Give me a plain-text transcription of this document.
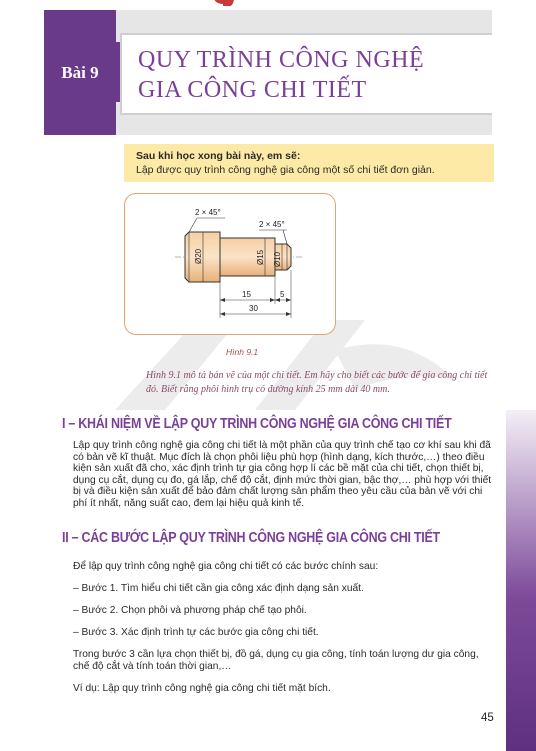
Bài 9 QUY TRÌNH CÔNG NGHỆ
GIA CÔNG CHI TIẾT
Sau khi học xong bài này, em sẽ:
Lập được quy trình công nghệ gia công một số chi tiết đơn giản.
2 × 45°
2 × 45°
Ø20	Ø15 Ø10
15	5
30
Hình 9.1
Hình 9.1 mô tả bản vẽ của một chi tiết. Em hãy cho biết các bước để gia công chi tiết đó. Biết rằng phôi hình trụ có đường kính 25 mm dài 40 mm.
I – KHÁI NIỆM VỀ LẬP QUY TRÌNH CÔNG NGHỆ GIA CÔNG CHI TIẾT
Lập quy trình công nghệ gia công chi tiết là một phần của quy trình chế tạo cơ khí sau khi đã có bản vẽ kĩ thuật. Mục đích là chọn phôi liệu phù hợp (hình dạng, kích thước,…) theo điều kiện sản xuất đã cho, xác định trình tự gia công hợp lí các bề mặt của chi tiết, chọn thiết bị, dụng cụ cắt, dụng cụ đo, gá lắp, chế độ cắt, định mức thời gian, bậc thợ,… phù hợp với thiết bị và điều kiện sản xuất để bảo đảm chất lượng sản phẩm theo yêu cầu của bản vẽ với chi phí ít nhất, năng suất cao, đem lại hiệu quả kinh tế.
II – CÁC BƯỚC LẬP QUY TRÌNH CÔNG NGHỆ GIA CÔNG CHI TIẾT
Để lập quy trình công nghệ gia công chi tiết có các bước chính sau:
– Bước 1. Tìm hiểu chi tiết cần gia công xác định dạng sản xuất.
– Bước 2. Chọn phôi và phương pháp chế tạo phôi.
– Bước 3. Xác định trình tự các bước gia công chi tiết.
Trong bước 3 cần lựa chọn thiết bị, đồ gá, dụng cụ gia công, tính toán lượng dư gia công, chế độ cắt và tính toán thời gian,…
Ví dụ: Lập quy trình công nghệ gia công chi tiết mặt bích.
45
